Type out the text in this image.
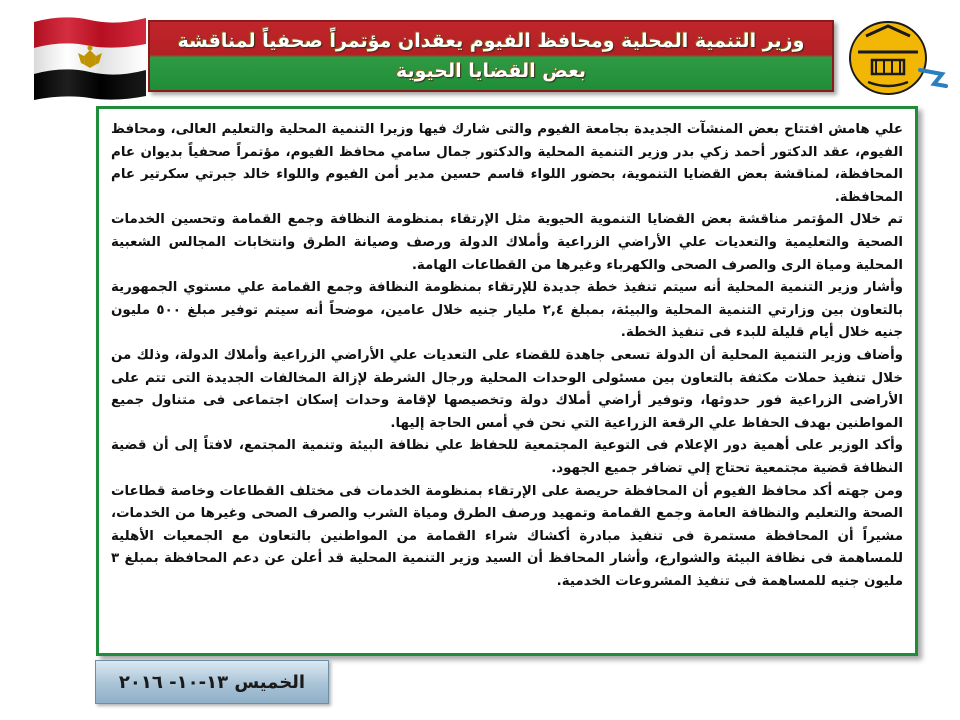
وزير التنمية المحلية ومحافظ الفيوم يعقدان مؤتمراً صحفياً لمناقشة بعض القضايا الحيوية

علي هامش افتتاح بعض المنشآت الجديدة بجامعة الفيوم والتى شارك فيها وزيرا التنمية المحلية والتعليم العالى، ومحافظ الفيوم، عقد الدكتور أحمد زكي بدر وزير التنمية المحلية والدكتور جمال سامي محافظ الفيوم، مؤتمراً صحفياً بديوان عام المحافظة، لمناقشة بعض القضايا التنموية، بحضور اللواء قاسم حسين مدير أمن الفيوم واللواء خالد جبرتي سكرتير عام المحافظة.

تم خلال المؤتمر مناقشة بعض القضايا التنموية الحيوية مثل الإرتقاء بمنظومة النظافة وجمع القمامة وتحسين الخدمات الصحية والتعليمية والتعديات علي الأراضي الزراعية وأملاك الدولة ورصف وصيانة الطرق وانتخابات المجالس الشعبية المحلية ومياة الرى والصرف الصحى والكهرباء وغيرها من القطاعات الهامة.

وأشار وزير التنمية المحلية أنه سيتم تنفيذ خطة جديدة للإرتقاء بمنظومة النظافة وجمع القمامة علي مستوي الجمهورية بالتعاون بين وزارتي التنمية المحلية والبيئة، بمبلغ ٢,٤ مليار جنيه خلال عامين، موضحاً أنه سيتم توفير مبلغ ٥٠٠ مليون جنيه خلال أيام قليلة للبدء فى تنفيذ الخطة.

وأضاف وزير التنمية المحلية أن الدولة تسعى جاهدة للقضاء على التعديات علي الأراضي الزراعية وأملاك الدولة، وذلك من خلال تنفيذ حملات مكثفة بالتعاون بين مسئولى الوحدات المحلية ورجال الشرطة لإزالة المخالفات الجديدة التى تتم على الأراضى الزراعية فور حدوثها، وتوفير أراضي أملاك دولة وتخصيصها لإقامة وحدات إسكان اجتماعى فى متناول جميع المواطنين بهدف الحفاظ علي الرقعة الزراعية التي نحن في أمس الحاجة إليها.

وأكد الوزير على أهمية دور الإعلام فى التوعية المجتمعية للحفاظ علي نظافة البيئة وتنمية المجتمع، لافتاً إلى أن قضية النظافة قضية مجتمعية تحتاج إلي تضافر جميع الجهود.

ومن جهته أكد محافظ الفيوم أن المحافظة حريصة على الإرتقاء بمنظومة الخدمات فى مختلف القطاعات وخاصة قطاعات الصحة والتعليم والنظافة العامة وجمع القمامة وتمهيد ورصف الطرق ومياة الشرب والصرف الصحى وغيرها من الخدمات، مشيراً أن المحافظة مستمرة فى تنفيذ مبادرة أكشاك شراء القمامة من المواطنين بالتعاون مع الجمعيات الأهلية للمساهمة فى نظافة البيئة والشوارع، وأشار المحافظ أن السيد وزير التنمية المحلية قد أعلن عن دعم المحافظة بمبلغ ٣ مليون جنيه للمساهمة فى تنفيذ المشروعات الخدمية.

الخميس ١٣-١٠- ٢٠١٦
